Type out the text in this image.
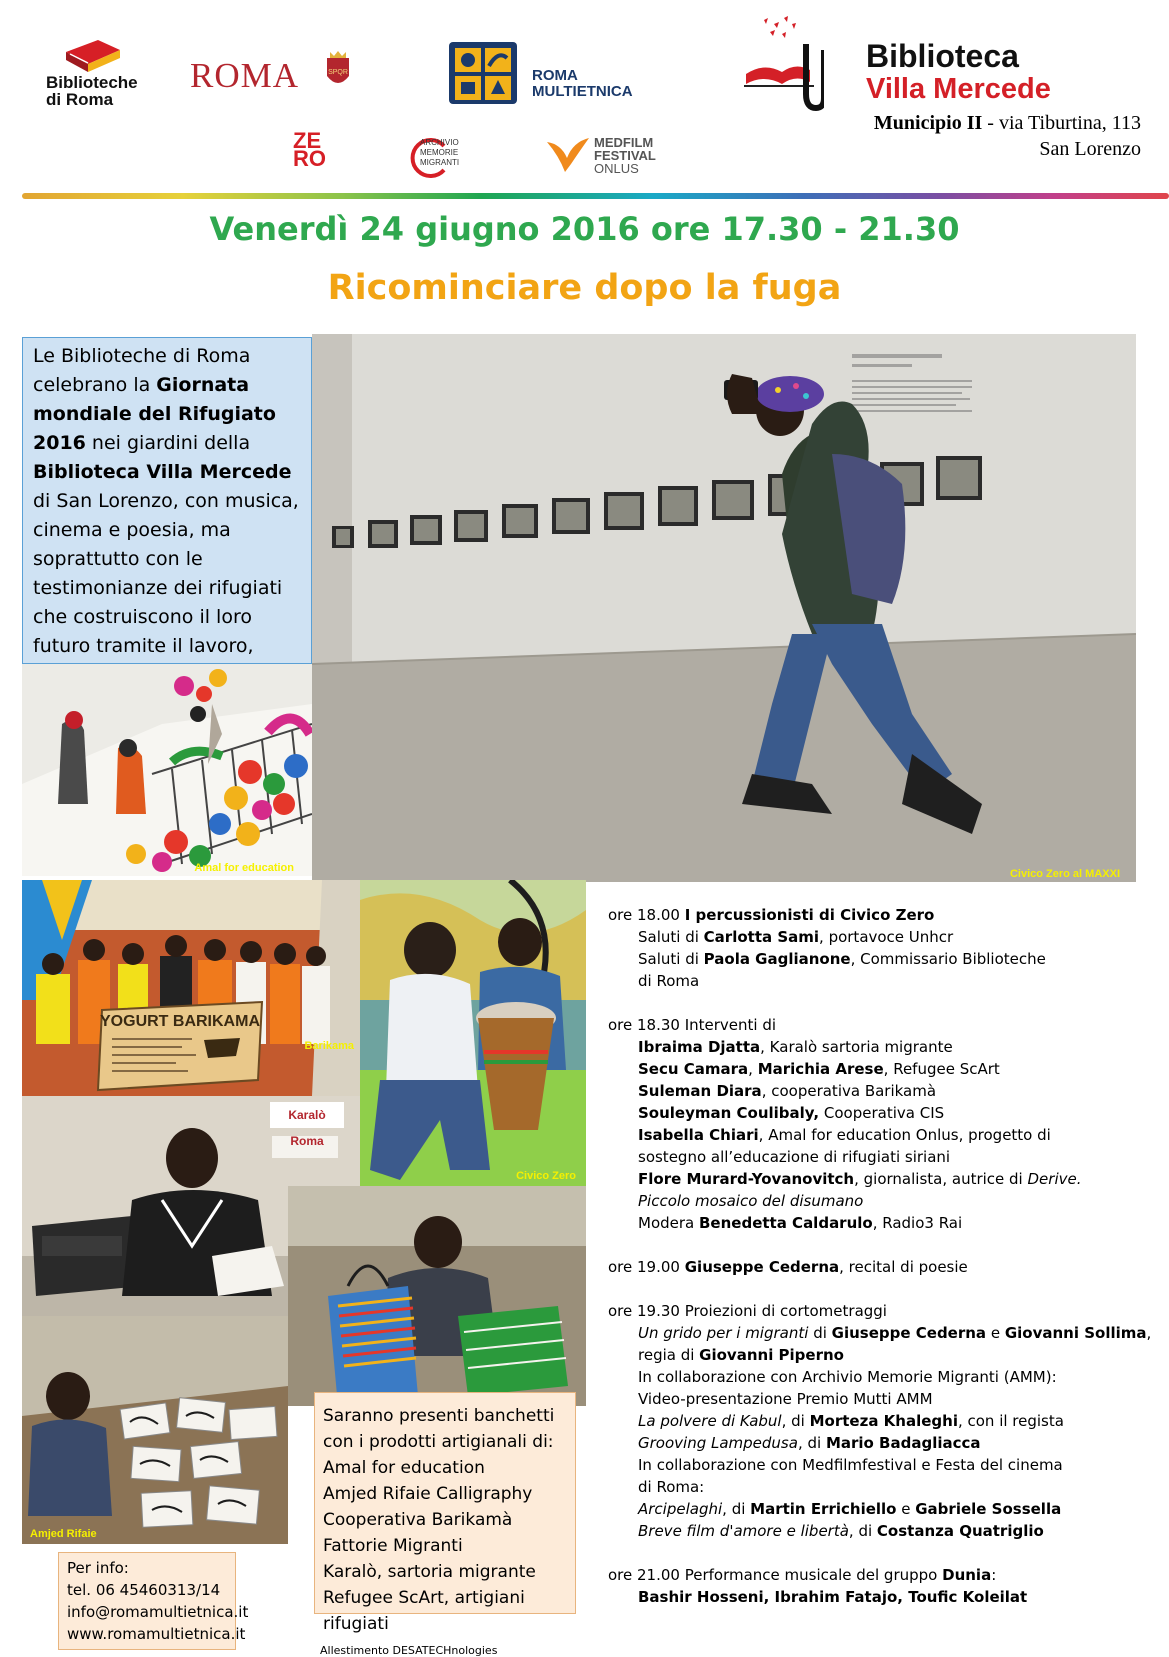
Biblioteche
di Roma
ROMA	SPQR	ROMA
MULTIETNICA
ZE
RO
ARCHIVIO
MEMORIE
MIGRANTI
MEDFILM
FESTIVAL
ONLUS
Biblioteca
Villa Mercede
Municipio II - via Tiburtina, 113
San Lorenzo
Venerdì 24 giugno 2016 ore 17.30 - 21.30
Ricominciare dopo la fuga
Civico Zero al MAXXI
Le Biblioteche di Roma celebrano la Giornata mondiale del Rifugiato 2016 nei giardini della Biblioteca Villa Mercede di San Lorenzo, con musica, cinema e poesia, ma soprattutto con le testimonianze dei rifugiati che costruiscono il loro futuro tramite il lavoro,
Amal for education
YOGURT BARIKAMA
Barikama
Civico Zero
Karalò Roma
Amjed Rifaie
Saranno presenti banchetti con i prodotti artigianali di:
Amal for education
Amjed Rifaie Calligraphy
Cooperativa Barikamà
Fattorie Migranti
Karalò, sartoria migrante
Refugee ScArt, artigiani rifugiati
Per info:
tel. 06 45460313/14
info@romamultietnica.it
www.romamultietnica.it
Allestimento DESATECHnologies
ore 18.00 I percussionisti di Civico Zero
Saluti di Carlotta Sami, portavoce Unhcr
Saluti di Paola Gaglianone, Commissario Biblioteche
di Roma
ore 18.30 Interventi di
Ibraima Djatta, Karalò sartoria migrante
Secu Camara, Marichia Arese, Refugee ScArt
Suleman Diara, cooperativa Barikamà
Souleyman Coulibaly, Cooperativa CIS
Isabella Chiari, Amal for education Onlus, progetto di
sostegno all’educazione di rifugiati siriani
Flore Murard-Yovanovitch, giornalista, autrice di Derive.
Piccolo mosaico del disumano
Modera Benedetta Caldarulo, Radio3 Rai
ore 19.00 Giuseppe Cederna, recital di poesie
ore 19.30 Proiezioni di cortometraggi
Un grido per i migranti di Giuseppe Cederna e Giovanni Sollima,
regia di Giovanni Piperno
In collaborazione con Archivio Memorie Migranti (AMM):
Video-presentazione Premio Mutti AMM
La polvere di Kabul, di Morteza Khaleghi, con il regista
Grooving Lampedusa, di Mario Badagliacca
In collaborazione con Medfilmfestival e Festa del cinema
di Roma:
Arcipelaghi, di Martin Errichiello e Gabriele Sossella
Breve film d'amore e libertà, di Costanza Quatriglio
ore 21.00 Performance musicale del gruppo Dunia:
Bashir Hosseni, Ibrahim Fatajo, Toufic Koleilat
